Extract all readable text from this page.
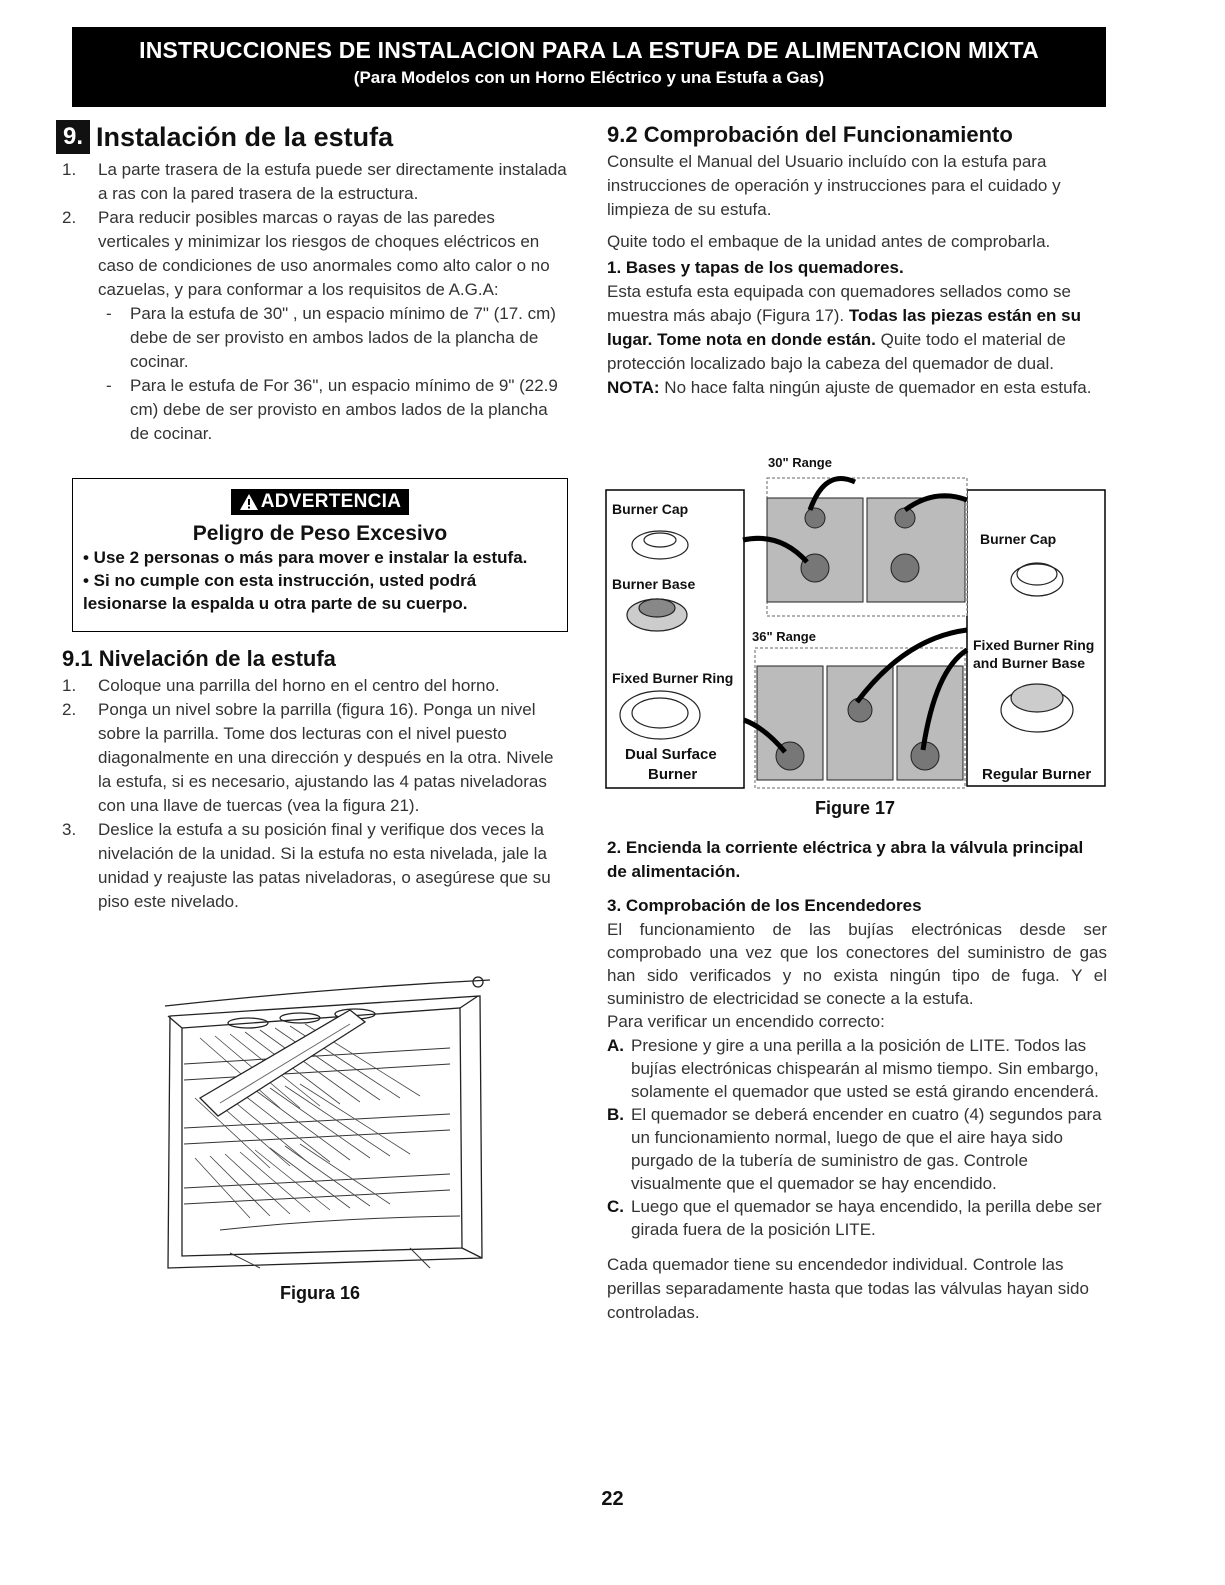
INSTRUCCIONES DE INSTALACION PARA LA ESTUFA DE ALIMENTACION MIXTA
(Para Modelos con un Horno Eléctrico y una Estufa a Gas)
9. Instalación de la estufa
1.	La parte trasera de la estufa puede ser directamente instalada a ras con la pared trasera de la estructura.
2.	Para reducir posibles marcas o rayas de las paredes verticales y minimizar los riesgos de choques eléctricos en caso de condiciones de uso anormales como alto calor o no cazuelas, y para conformar a los requisitos de A.G.A:
-	Para la estufa de 30" , un espacio mínimo de 7" (17. cm) debe de ser provisto en ambos lados de la plancha de cocinar.
-	Para le estufa de For 36", un espacio mínimo de 9" (22.9 cm) debe de ser provisto en ambos lados de la plancha de cocinar.
ADVERTENCIA
Peligro de Peso Excesivo
• Use 2 personas o más para mover e instalar la estufa.
• Si no cumple con esta instrucción, usted podrá lesionarse la espalda u otra parte de su cuerpo.
9.1 Nivelación de la estufa
1.	Coloque una parrilla del horno en el centro del horno.
2.	Ponga un nivel sobre la parrilla (figura 16). Ponga un nivel sobre la parrilla. Tome dos lecturas con el nivel puesto diagonalmente en una dirección y después en la otra. Nivele la estufa, si es necesario, ajustando las 4 patas niveladoras con una llave de tuercas (vea la figura 21).
3.	Deslice la estufa a su posición final y verifique dos veces la nivelación de la unidad. Si la estufa no esta nivelada, jale la unidad y reajuste las patas niveladoras, o asegúrese que su piso este nivelado.
Figura 16
9.2 Comprobación del Funcionamiento

Consulte el Manual del Usuario incluído con la estufa para instrucciones de operación y instrucciones para el cuidado y limpieza de su estufa.

Quite todo el embaque de la unidad antes de comprobarla.

1. Bases y tapas de los quemadores.

Esta estufa esta equipada con quemadores sellados como se muestra más abajo (Figura 17). Todas las piezas están en su lugar. Tome nota en donde están. Quite todo el material de protección localizado bajo la cabeza del quemador de dual. NOTA: No hace falta ningún ajuste de quemador en esta estufa.

30" Range
36" Range
Burner Cap
Burner Base
Fixed Burner Ring
Dual Surface
Burner
Burner Cap
Fixed Burner Ring
and Burner Base
Regular Burner
Figure 17

2. Encienda la corriente eléctrica y abra la válvula principal de alimentación.

3. Comprobación de los Encendedores

El funcionamiento de las bujías electrónicas desde ser comprobado una vez que los conectores del suministro de gas han sido verificados y no exista ningún tipo de fuga. Y el suministro de electricidad se conecte a la estufa.

Para verificar un encendido correcto:

A. Presione y gire a una perilla a la posición de LITE. Todos las bujías electrónicas chispearán al mismo tiempo. Sin embargo, solamente el quemador que usted se está girando encenderá.
B. El quemador se deberá encender en cuatro (4) segundos para un funcionamiento normal, luego de que el aire haya sido purgado de la tubería de suministro de gas. Controle visualmente que el quemador se hay encendido.
C. Luego que el quemador se haya encendido, la perilla debe ser girada fuera de la posición LITE.

Cada quemador tiene su encendedor individual. Controle las perillas separadamente hasta que todas las válvulas hayan sido controladas.

22
